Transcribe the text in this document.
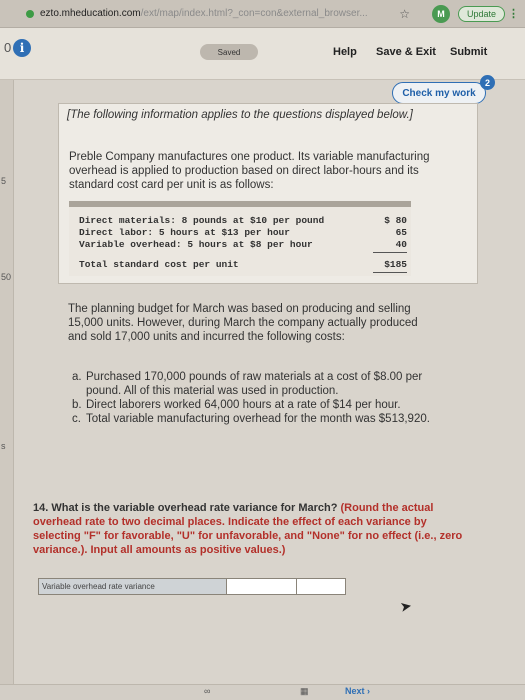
ezto.mheducation.com/ext/map/index.html?_con=con&external_browser...	☆	M	Update	⋮
0 i	Saved	Help Save & Exit Submit
5
50
s
Check my work
2
[The following information applies to the questions displayed below.]
Preble Company manufactures one product. Its variable manufacturing overhead is applied to production based on direct labor-hours and its standard cost card per unit is as follows:
Direct materials: 8 pounds at $10 per pound	$ 80
Direct labor: 5 hours at $13 per hour	65
Variable overhead: 5 hours at $8 per hour	40
Total standard cost per unit	$185
The planning budget for March was based on producing and selling 15,000 units. However, during March the company actually produced and sold 17,000 units and incurred the following costs:
a. Purchased 170,000 pounds of raw materials at a cost of $8.00 per pound. All of this material was used in production.
b. Direct laborers worked 64,000 hours at a rate of $14 per hour.
c. Total variable manufacturing overhead for the month was $513,920.
14. What is the variable overhead rate variance for March? (Round the actual overhead rate to two decimal places. Indicate the effect of each variance by selecting "F" for favorable, "U" for unfavorable, and "None" for no effect (i.e., zero variance.). Input all amounts as positive values.)
Variable overhead rate variance
➤
∞	▦	Next ›
